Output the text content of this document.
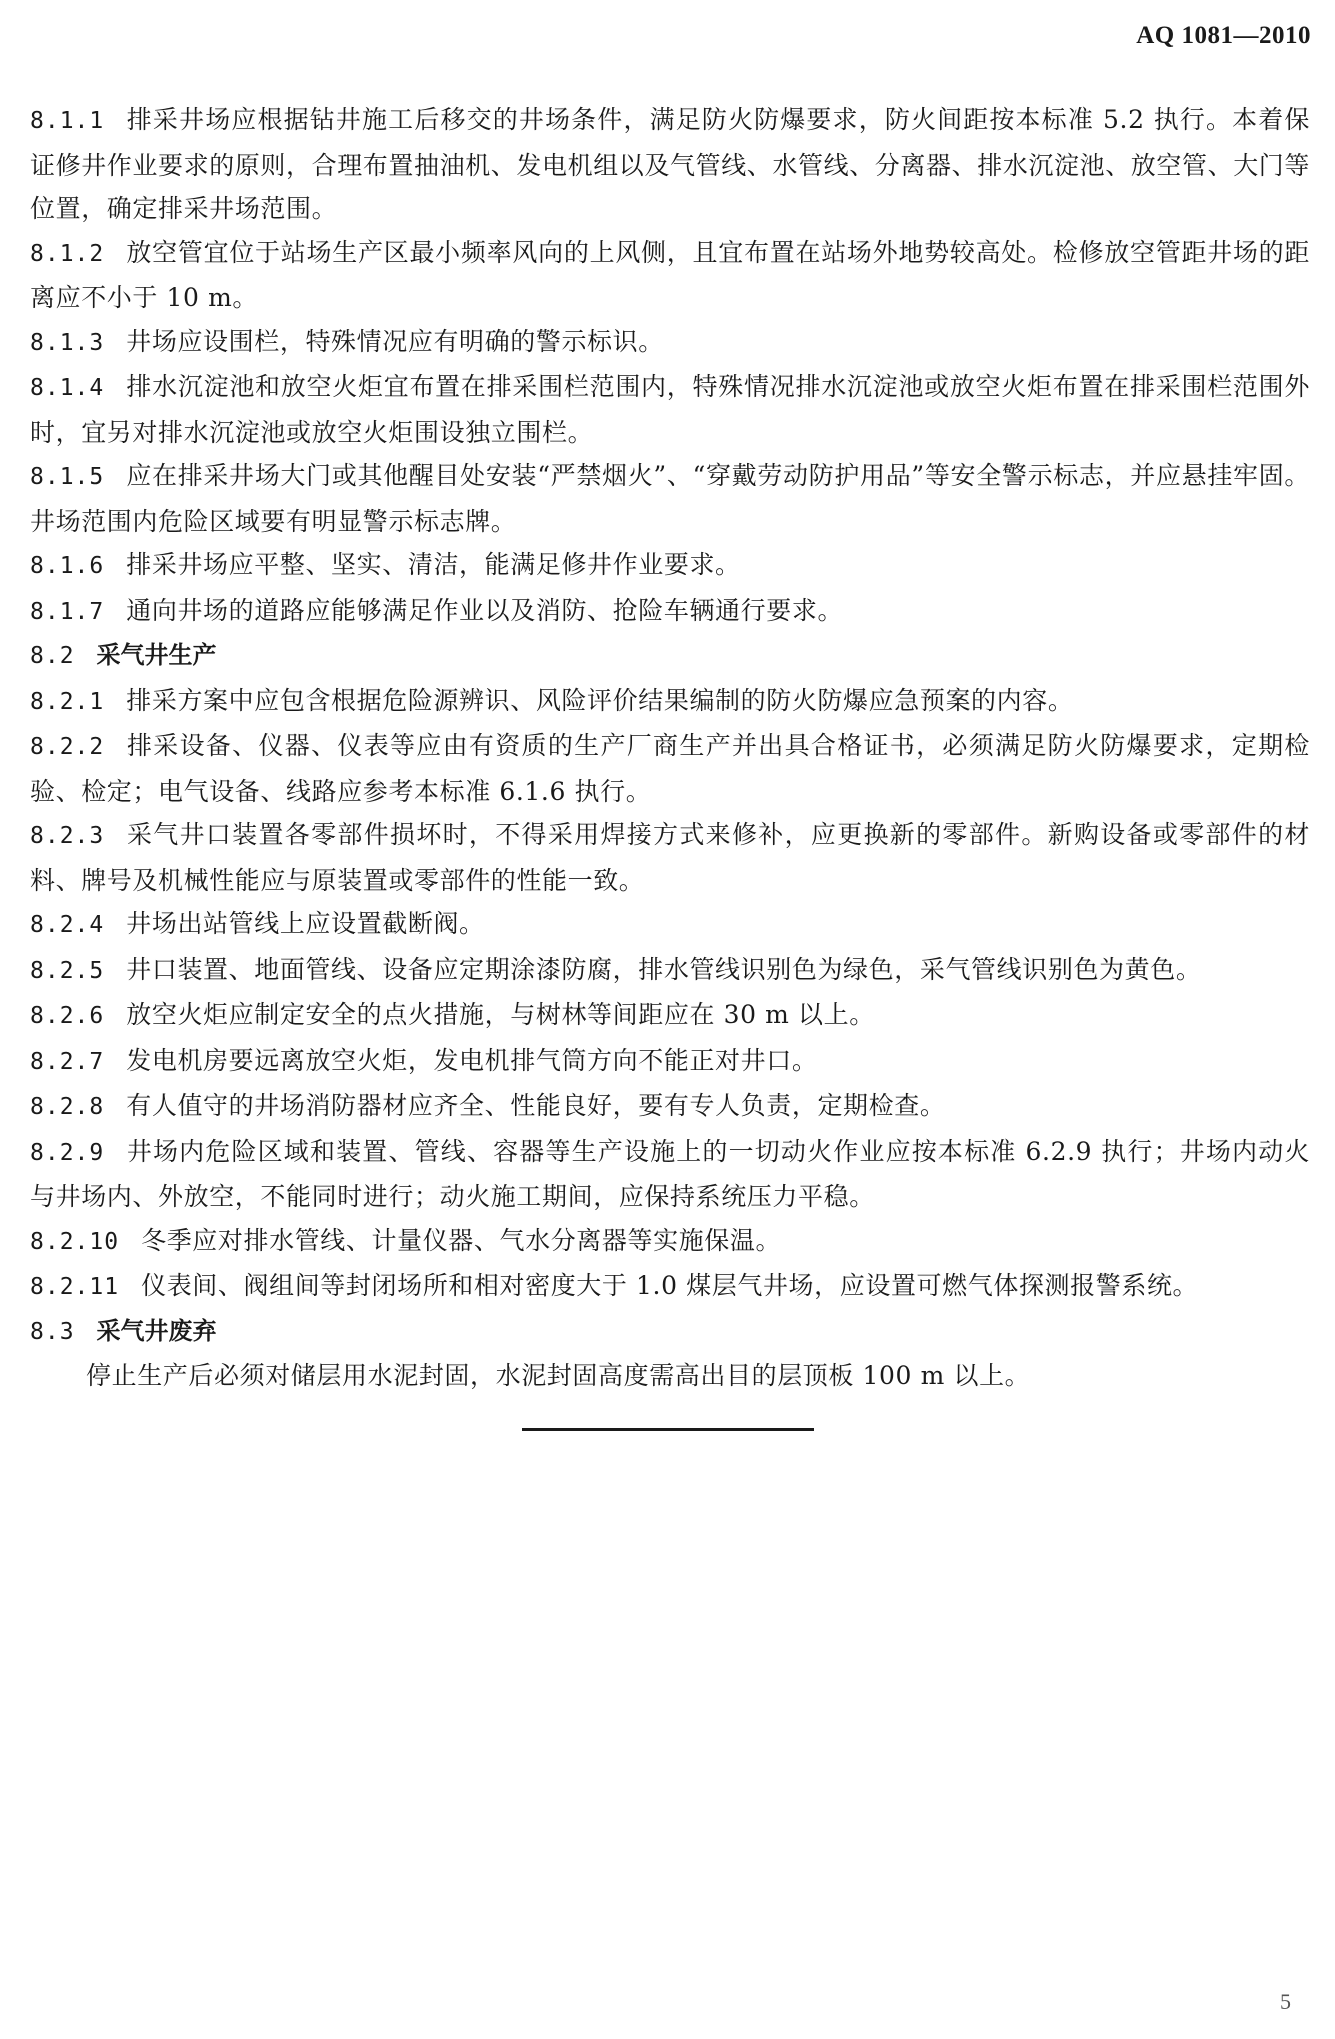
AQ 1081—2010

8.1.1 排采井场应根据钻井施工后移交的井场条件，满足防火防爆要求，防火间距按本标准 5.2 执行。本着保证修井作业要求的原则，合理布置抽油机、发电机组以及气管线、水管线、分离器、排水沉淀池、放空管、大门等位置，确定排采井场范围。

8.1.2 放空管宜位于站场生产区最小频率风向的上风侧，且宜布置在站场外地势较高处。检修放空管距井场的距离应不小于 10 m。

8.1.3 井场应设围栏，特殊情况应有明确的警示标识。

8.1.4 排水沉淀池和放空火炬宜布置在排采围栏范围内，特殊情况排水沉淀池或放空火炬布置在排采围栏范围外时，宜另对排水沉淀池或放空火炬围设独立围栏。

8.1.5 应在排采井场大门或其他醒目处安装“严禁烟火”、“穿戴劳动防护用品”等安全警示标志，并应悬挂牢固。井场范围内危险区域要有明显警示标志牌。

8.1.6 排采井场应平整、坚实、清洁，能满足修井作业要求。

8.1.7 通向井场的道路应能够满足作业以及消防、抢险车辆通行要求。

8.2 采气井生产

8.2.1 排采方案中应包含根据危险源辨识、风险评价结果编制的防火防爆应急预案的内容。

8.2.2 排采设备、仪器、仪表等应由有资质的生产厂商生产并出具合格证书，必须满足防火防爆要求，定期检验、检定；电气设备、线路应参考本标准 6.1.6 执行。

8.2.3 采气井口装置各零部件损坏时，不得采用焊接方式来修补，应更换新的零部件。新购设备或零部件的材料、牌号及机械性能应与原装置或零部件的性能一致。

8.2.4 井场出站管线上应设置截断阀。

8.2.5 井口装置、地面管线、设备应定期涂漆防腐，排水管线识别色为绿色，采气管线识别色为黄色。

8.2.6 放空火炬应制定安全的点火措施，与树林等间距应在 30 m 以上。

8.2.7 发电机房要远离放空火炬，发电机排气筒方向不能正对井口。

8.2.8 有人值守的井场消防器材应齐全、性能良好，要有专人负责，定期检查。

8.2.9 井场内危险区域和装置、管线、容器等生产设施上的一切动火作业应按本标准 6.2.9 执行；井场内动火与井场内、外放空，不能同时进行；动火施工期间，应保持系统压力平稳。

8.2.10 冬季应对排水管线、计量仪器、气水分离器等实施保温。

8.2.11 仪表间、阀组间等封闭场所和相对密度大于 1.0 煤层气井场，应设置可燃气体探测报警系统。

8.3 采气井废弃

停止生产后必须对储层用水泥封固，水泥封固高度需高出目的层顶板 100 m 以上。

5
